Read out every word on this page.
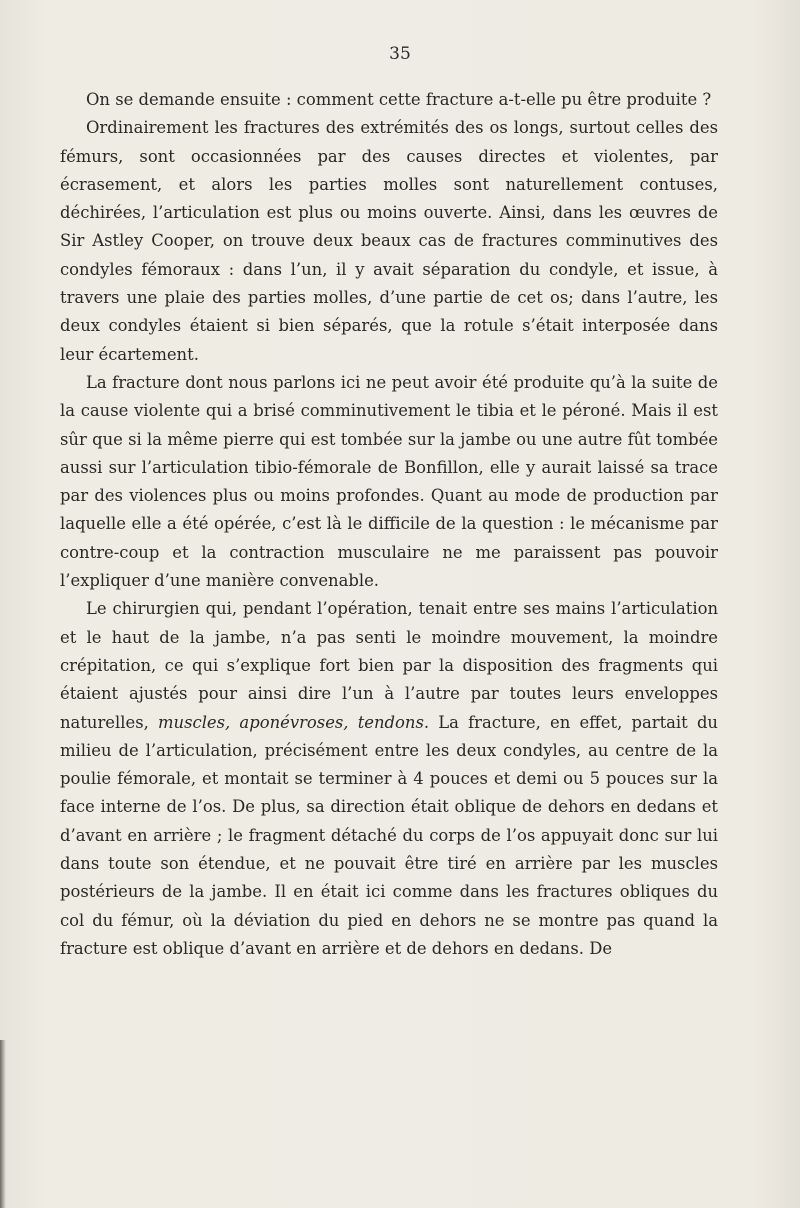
35

On se demande ensuite : comment cette fracture a-t-elle pu être produite ?

Ordinairement les fractures des extrémités des os longs, surtout celles des fémurs, sont occasionnées par des causes directes et violentes, par écrasement, et alors les parties molles sont naturellement contuses, déchirées, l’articulation est plus ou moins ouverte. Ainsi, dans les œuvres de Sir Astley Cooper, on trouve deux beaux cas de fractures comminutives des condyles fémoraux : dans l’un, il y avait séparation du condyle, et issue, à travers une plaie des parties molles, d’une partie de cet os; dans l’autre, les deux condyles étaient si bien séparés, que la rotule s’était interposée dans leur écartement.

La fracture dont nous parlons ici ne peut avoir été produite qu’à la suite de la cause violente qui a brisé comminutivement le tibia et le péroné. Mais il est sûr que si la même pierre qui est tombée sur la jambe ou une autre fût tombée aussi sur l’articulation tibio-fémorale de Bonfillon, elle y aurait laissé sa trace par des violences plus ou moins profondes. Quant au mode de production par laquelle elle a été opérée, c’est là le difficile de la question : le mécanisme par contre-coup et la contraction musculaire ne me paraissent pas pouvoir l’expliquer d’une manière convenable.

Le chirurgien qui, pendant l’opération, tenait entre ses mains l’articulation et le haut de la jambe, n’a pas senti le moindre mouvement, la moindre crépitation, ce qui s’explique fort bien par la disposition des fragments qui étaient ajustés pour ainsi dire l’un à l’autre par toutes leurs enveloppes naturelles, muscles, aponévroses, tendons. La fracture, en effet, partait du milieu de l’articulation, précisément entre les deux condyles, au centre de la poulie fémorale, et montait se terminer à 4 pouces et demi ou 5 pouces sur la face interne de l’os. De plus, sa direction était oblique de dehors en dedans et d’avant en arrière ; le fragment détaché du corps de l’os appuyait donc sur lui dans toute son étendue, et ne pouvait être tiré en arrière par les muscles postérieurs de la jambe. Il en était ici comme dans les fractures obliques du col du fémur, où la déviation du pied en dehors ne se montre pas quand la fracture est oblique d’avant en arrière et de dehors en dedans. De
